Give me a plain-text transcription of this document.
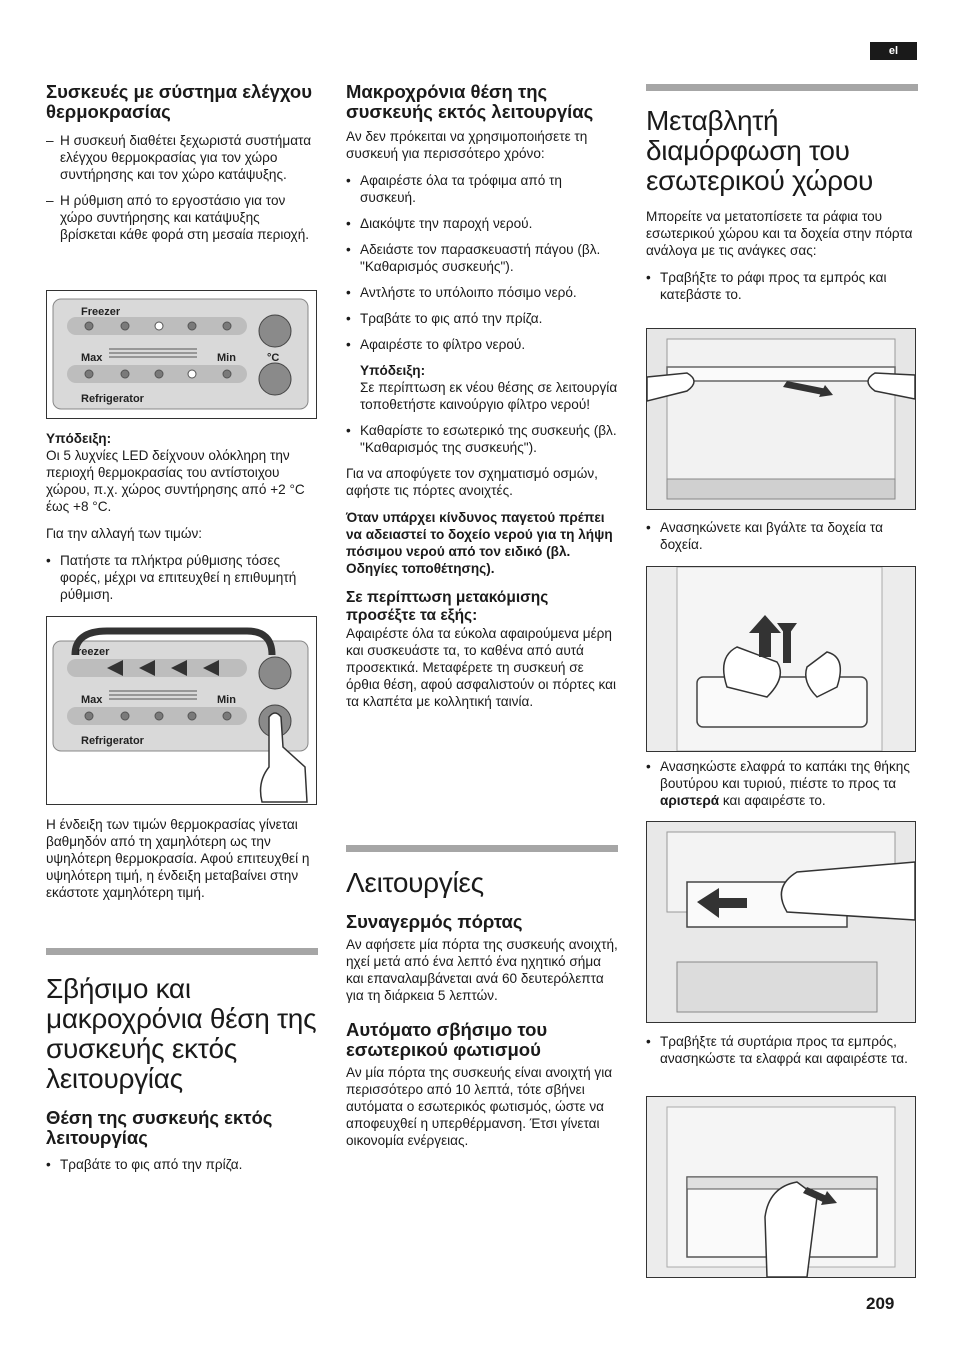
el

Συσκευές με σύστημα ελέγχου θερμοκρασίας

– Η συσκευή διαθέτει ξεχωριστά συστήματα ελέγχου θερμοκρασίας για τον χώρο συντήρησης και τον χώρο κατάψυξης.

– Η ρύθμιση από το εργοστάσιο για τον χώρο συντήρησης και κατάψυξης βρίσκεται κάθε φορά στη μεσαία περιοχή.

Freezer
Max	Min	°C
Refrigerator

Υπόδειξη:

Οι 5 λυχνίες LED δείχνουν ολόκληρη την περιοχή θερμοκρασίας του αντίστοιχου χώρου, π.χ. χώρος συντήρησης από +2 °C έως +8 °C.

Για την αλλαγή των τιμών:

• Πατήστε τα πλήκτρα ρύθμισης τόσες φορές, μέχρι να επιτευχθεί η επιθυμητή ρύθμιση.

reezer
Max	Min
Refrigerator

Η ένδειξη των τιμών θερμοκρασίας γίνεται βαθμηδόν από τη χαμηλότερη ως την υψηλότερη θερμοκρασία. Αφού επιτευχθεί η υψηλότερη τιμή, η ένδειξη μεταβαίνει στην εκάστοτε χαμηλότερη τιμή.

Σβήσιμο και μακροχρόνια θέση της συσκευής εκτός λειτουργίας

Θέση της συσκευής εκτός λειτουργίας

• Τραβάτε το φις από την πρίζα.

Μακροχρόνια θέση της συσκευής εκτός λειτουργίας

Αν δεν πρόκειται να χρησιμοποιήσετε τη συσκευή για περισσότερο χρόνο:

• Αφαιρέστε όλα τα τρόφιμα από τη συσκευή.

• Διακόψτε την παροχή νερού.

• Αδειάστε τον παρασκευαστή πάγου (βλ. "Καθαρισμός συσκευής").

• Αντλήστε το υπόλοιπο πόσιμο νερό.

• Τραβάτε το φις από την πρίζα.

• Αφαιρέστε το φίλτρο νερού.

Υπόδειξη:

Σε περίπτωση εκ νέου θέσης σε λειτουργία τοποθετήστε καινούργιο φίλτρο νερού!

• Καθαρίστε το εσωτερικό της συσκευής (βλ. "Καθαρισμός της συσκευής").

Για να αποφύγετε τον σχηματισμό οσμών, αφήστε τις πόρτες ανοιχτές.

Όταν υπάρχει κίνδυνος παγετού πρέπει να αδειαστεί το δοχείο νερού για τη λήψη πόσιμου νερού από τον ειδικό (βλ. Οδηγίες τοποθέτησης).

Σε περίπτωση μετακόμισης προσέξτε τα εξής:

Αφαιρέστε όλα τα εύκολα αφαιρούμενα μέρη και συσκευάστε τα, το καθένα από αυτά προσεκτικά. Μεταφέρετε τη συσκευή σε όρθια θέση, αφού ασφαλιστούν οι πόρτες και τα κλαπέτα με κολλητική ταινία.

Λειτουργίες

Συναγερμός πόρτας

Αν αφήσετε μία πόρτα της συσκευής ανοιχτή, ηχεί μετά από ένα λεπτό ένα ηχητικό σήμα και επαναλαμβάνεται ανά 60 δευτερόλεπτα για τη διάρκεια 5 λεπτών.

Αυτόματο σβήσιμο του εσωτερικού φωτισμού

Αν μία πόρτα της συσκευής είναι ανοιχτή για περισσότερο από 10 λεπτά, τότε σβήνει αυτόματα ο εσωτερικός φωτισμός, ώστε να αποφευχθεί η υπερθέρμανση. Έτσι γίνεται οικονομία ενέργειας.

Μεταβλητή διαμόρφωση του εσωτερικού χώρου

Μπορείτε να μετατοπίσετε τα ράφια του εσωτερικού χώρου και τα δοχεία στην πόρτα ανάλογα με τις ανάγκες σας:

• Τραβήξτε το ράφι προς τα εμπρός και κατεβάστε το.

• Ανασηκώνετε και βγάλτε τα δοχεία τα δοχεία.

• Ανασηκώστε ελαφρά το καπάκι της θήκης βουτύρου και τυριού, πιέστε το προς τα αριστερά και αφαιρέστε το.

• Τραβήξτε τά συρτάρια προς τα εμπρός, ανασηκώστε τα ελαφρά και αφαιρέστε τα.

209
